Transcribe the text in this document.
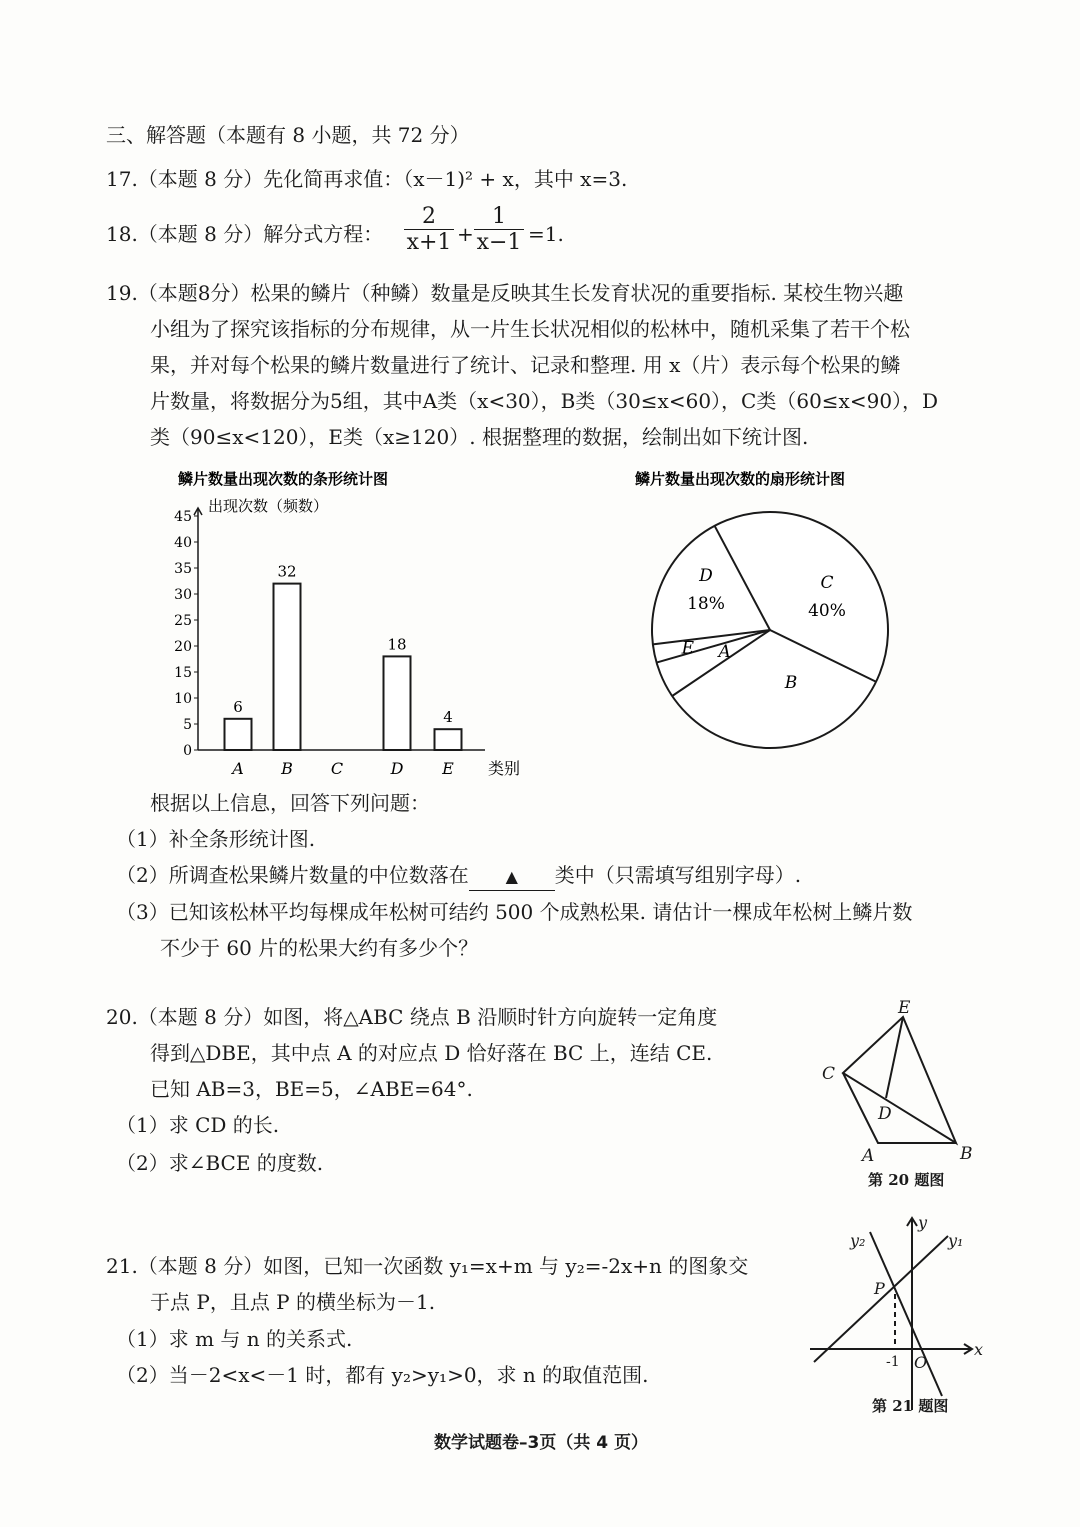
三、解答题（本题有 8 小题，共 72 分）
17.（本题 8 分）先化简再求值：（x－1)² + x，其中 x=3.
18.（本题 8 分）解分式方程：
2
x+1 +
1
x−1 =1.
19.（本题8分）松果的鳞片（种鳞）数量是反映其生长发育状况的重要指标. 某校生物兴趣
小组为了探究该指标的分布规律，从一片生长状况相似的松林中，随机采集了若干个松
果，并对每个松果的鳞片数量进行了统计、记录和整理. 用 x（片）表示每个松果的鳞
片数量，将数据分为5组，其中A类（x<30），B类（30≤x<60），C类（60≤x<90），D
类（90≤x<120），E类（x≥120）. 根据整理的数据，绘制出如下统计图.
鳞片数量出现次数的条形统计图
出现次数（频数）
0
5
10
15
20
25
30
35
40
45
6
A
32
B C
18
D
4
E 类别
鳞片数量出现次数的扇形统计图
C
40%
B
A
E
D
18%
根据以上信息，回答下列问题：
（1）补全条形统计图.
（2）所调查松果鳞片数量的中位数落在 ▲ 类中（只需填写组别字母）.
（3）已知该松林平均每棵成年松树可结约 500 个成熟松果. 请估计一棵成年松树上鳞片数
不少于 60 片的松果大约有多少个？
20.（本题 8 分）如图，将△ABC 绕点 B 沿顺时针方向旋转一定角度
得到△DBE，其中点 A 的对应点 D 恰好落在 BC 上，连结 CE.
已知 AB=3，BE=5，∠ABE=64°.
（1）求 CD 的长.
（2）求∠BCE 的度数.
E
C
D
A	B
第 20 题图
21.（本题 8 分）如图，已知一次函数 y₁=x+m 与 y₂=-2x+n 的图象交
于点 P，且点 P 的横坐标为－1.
（1）求 m 与 n 的关系式.
（2）当－2<x<－1 时，都有 y₂>y₁>0，求 n 的取值范围.
y₂
y
y₁
P
x
O
-1
第 21 题图
数学试题卷–3页（共 4 页）
